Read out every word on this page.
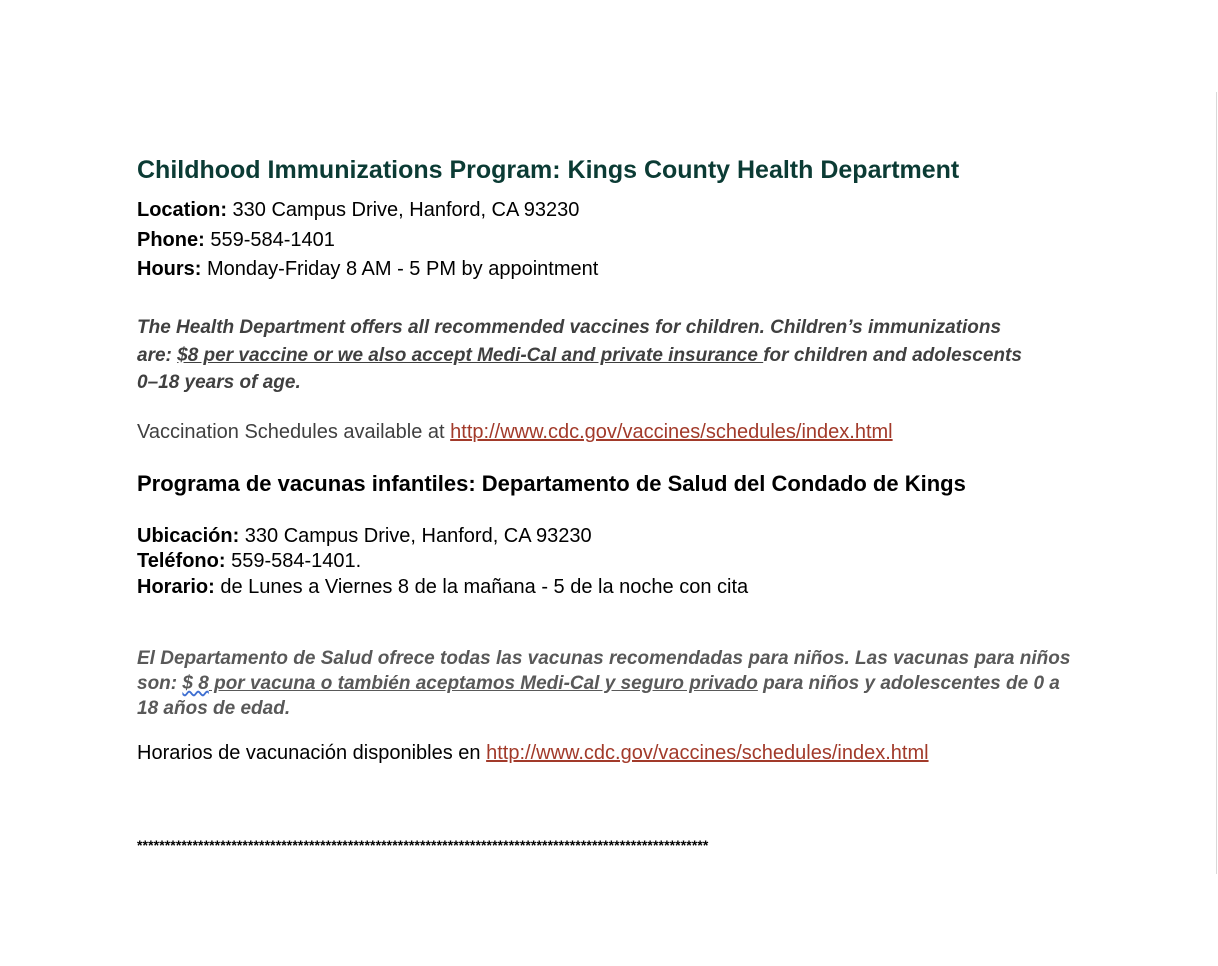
Childhood Immunizations Program: Kings County Health Department
Location: 330 Campus Drive, Hanford, CA 93230
Phone: 559-584-1401
Hours: Monday-Friday 8 AM - 5 PM by appointment

The Health Department offers all recommended vaccines for children. Children’s immunizations are: $8 per vaccine or we also accept Medi-Cal and private insurance for children and adolescents 0–18 years of age.

Vaccination Schedules available at http://www.cdc.gov/vaccines/schedules/index.html
Programa de vacunas infantiles: Departamento de Salud del Condado de Kings
Ubicación: 330 Campus Drive, Hanford, CA 93230
Teléfono: 559-584-1401.
Horario: de Lunes a Viernes 8 de la mañana - 5 de la noche con cita

El Departamento de Salud ofrece todas las vacunas recomendadas para niños. Las vacunas para niños son: $ 8 por vacuna o también aceptamos Medi-Cal y seguro privado para niños y adolescentes de 0 a 18 años de edad.

Horarios de vacunación disponibles en http://www.cdc.gov/vaccines/schedules/index.html
*******************************************************************************************************
